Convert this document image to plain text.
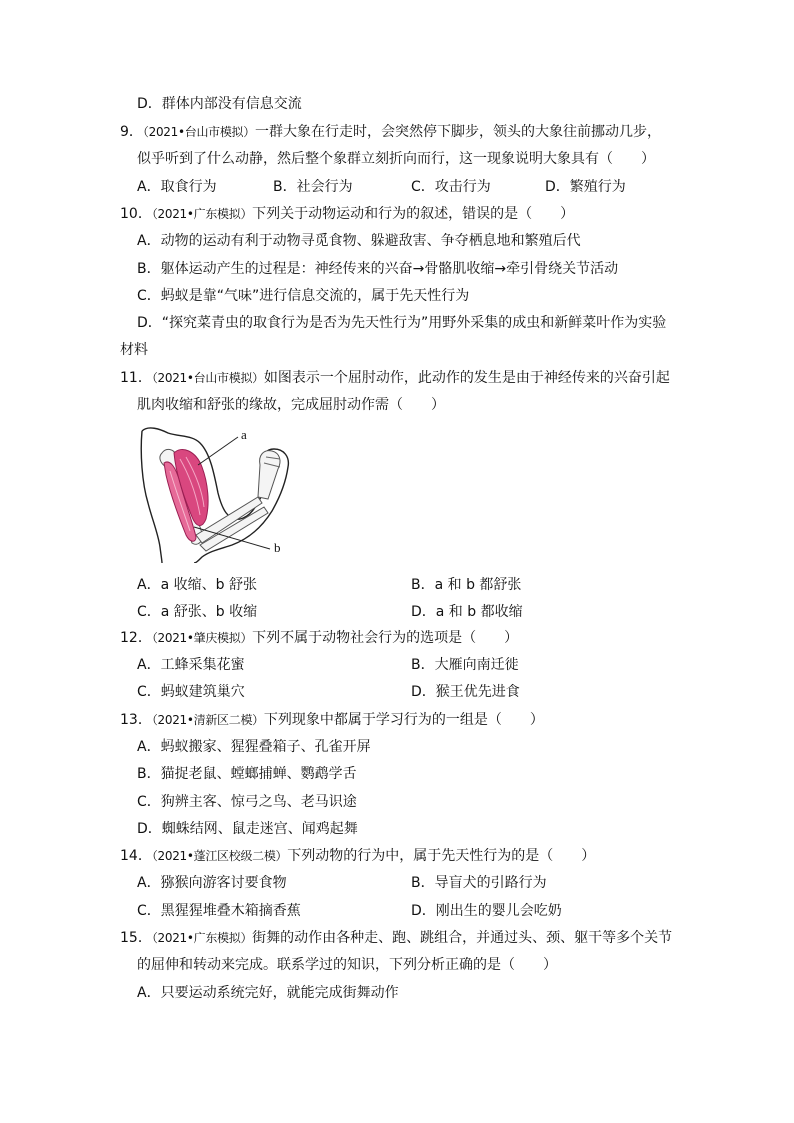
D．群体内部没有信息交流
9．（2021•台山市模拟）一群大象在行走时，会突然停下脚步，领头的大象往前挪动几步，
似乎听到了什么动静，然后整个象群立刻折向而行，这一现象说明大象具有（　　）
A．取食行为	B．社会行为	C．攻击行为	D．繁殖行为
10．（2021•广东模拟）下列关于动物运动和行为的叙述，错误的是（　　）
A．动物的运动有利于动物寻觅食物、躲避敌害、争夺栖息地和繁殖后代
B．躯体运动产生的过程是：神经传来的兴奋→骨骼肌收缩→牵引骨绕关节活动
C．蚂蚁是靠“气味”进行信息交流的，属于先天性行为
D．“探究菜青虫的取食行为是否为先天性行为”用野外采集的成虫和新鲜菜叶作为实验
材料
11．（2021•台山市模拟）如图表示一个屈肘动作，此动作的发生是由于神经传来的兴奋引起
肌肉收缩和舒张的缘故，完成屈肘动作需（　　）
a
b
A．a 收缩、b 舒张	B．a 和 b 都舒张
C．a 舒张、b 收缩	D．a 和 b 都收缩
12．（2021•肇庆模拟）下列不属于动物社会行为的选项是（　　）
A．工蜂采集花蜜	B．大雁向南迁徙
C．蚂蚁建筑巢穴	D．猴王优先进食
13．（2021•清新区二模）下列现象中都属于学习行为的一组是（　　）
A．蚂蚁搬家、猩猩叠箱子、孔雀开屏
B．猫捉老鼠、螳螂捕蝉、鹦鹉学舌
C．狗辨主客、惊弓之鸟、老马识途
D．蜘蛛结网、鼠走迷宫、闻鸡起舞
14．（2021•蓬江区校级二模）下列动物的行为中，属于先天性行为的是（　　）
A．猕猴向游客讨要食物	B．导盲犬的引路行为
C．黑猩猩堆叠木箱摘香蕉	D．刚出生的婴儿会吃奶
15．（2021•广东模拟）街舞的动作由各种走、跑、跳组合，并通过头、颈、躯干等多个关节
的屈伸和转动来完成。联系学过的知识，下列分析正确的是（　　）
A．只要运动系统完好，就能完成街舞动作
